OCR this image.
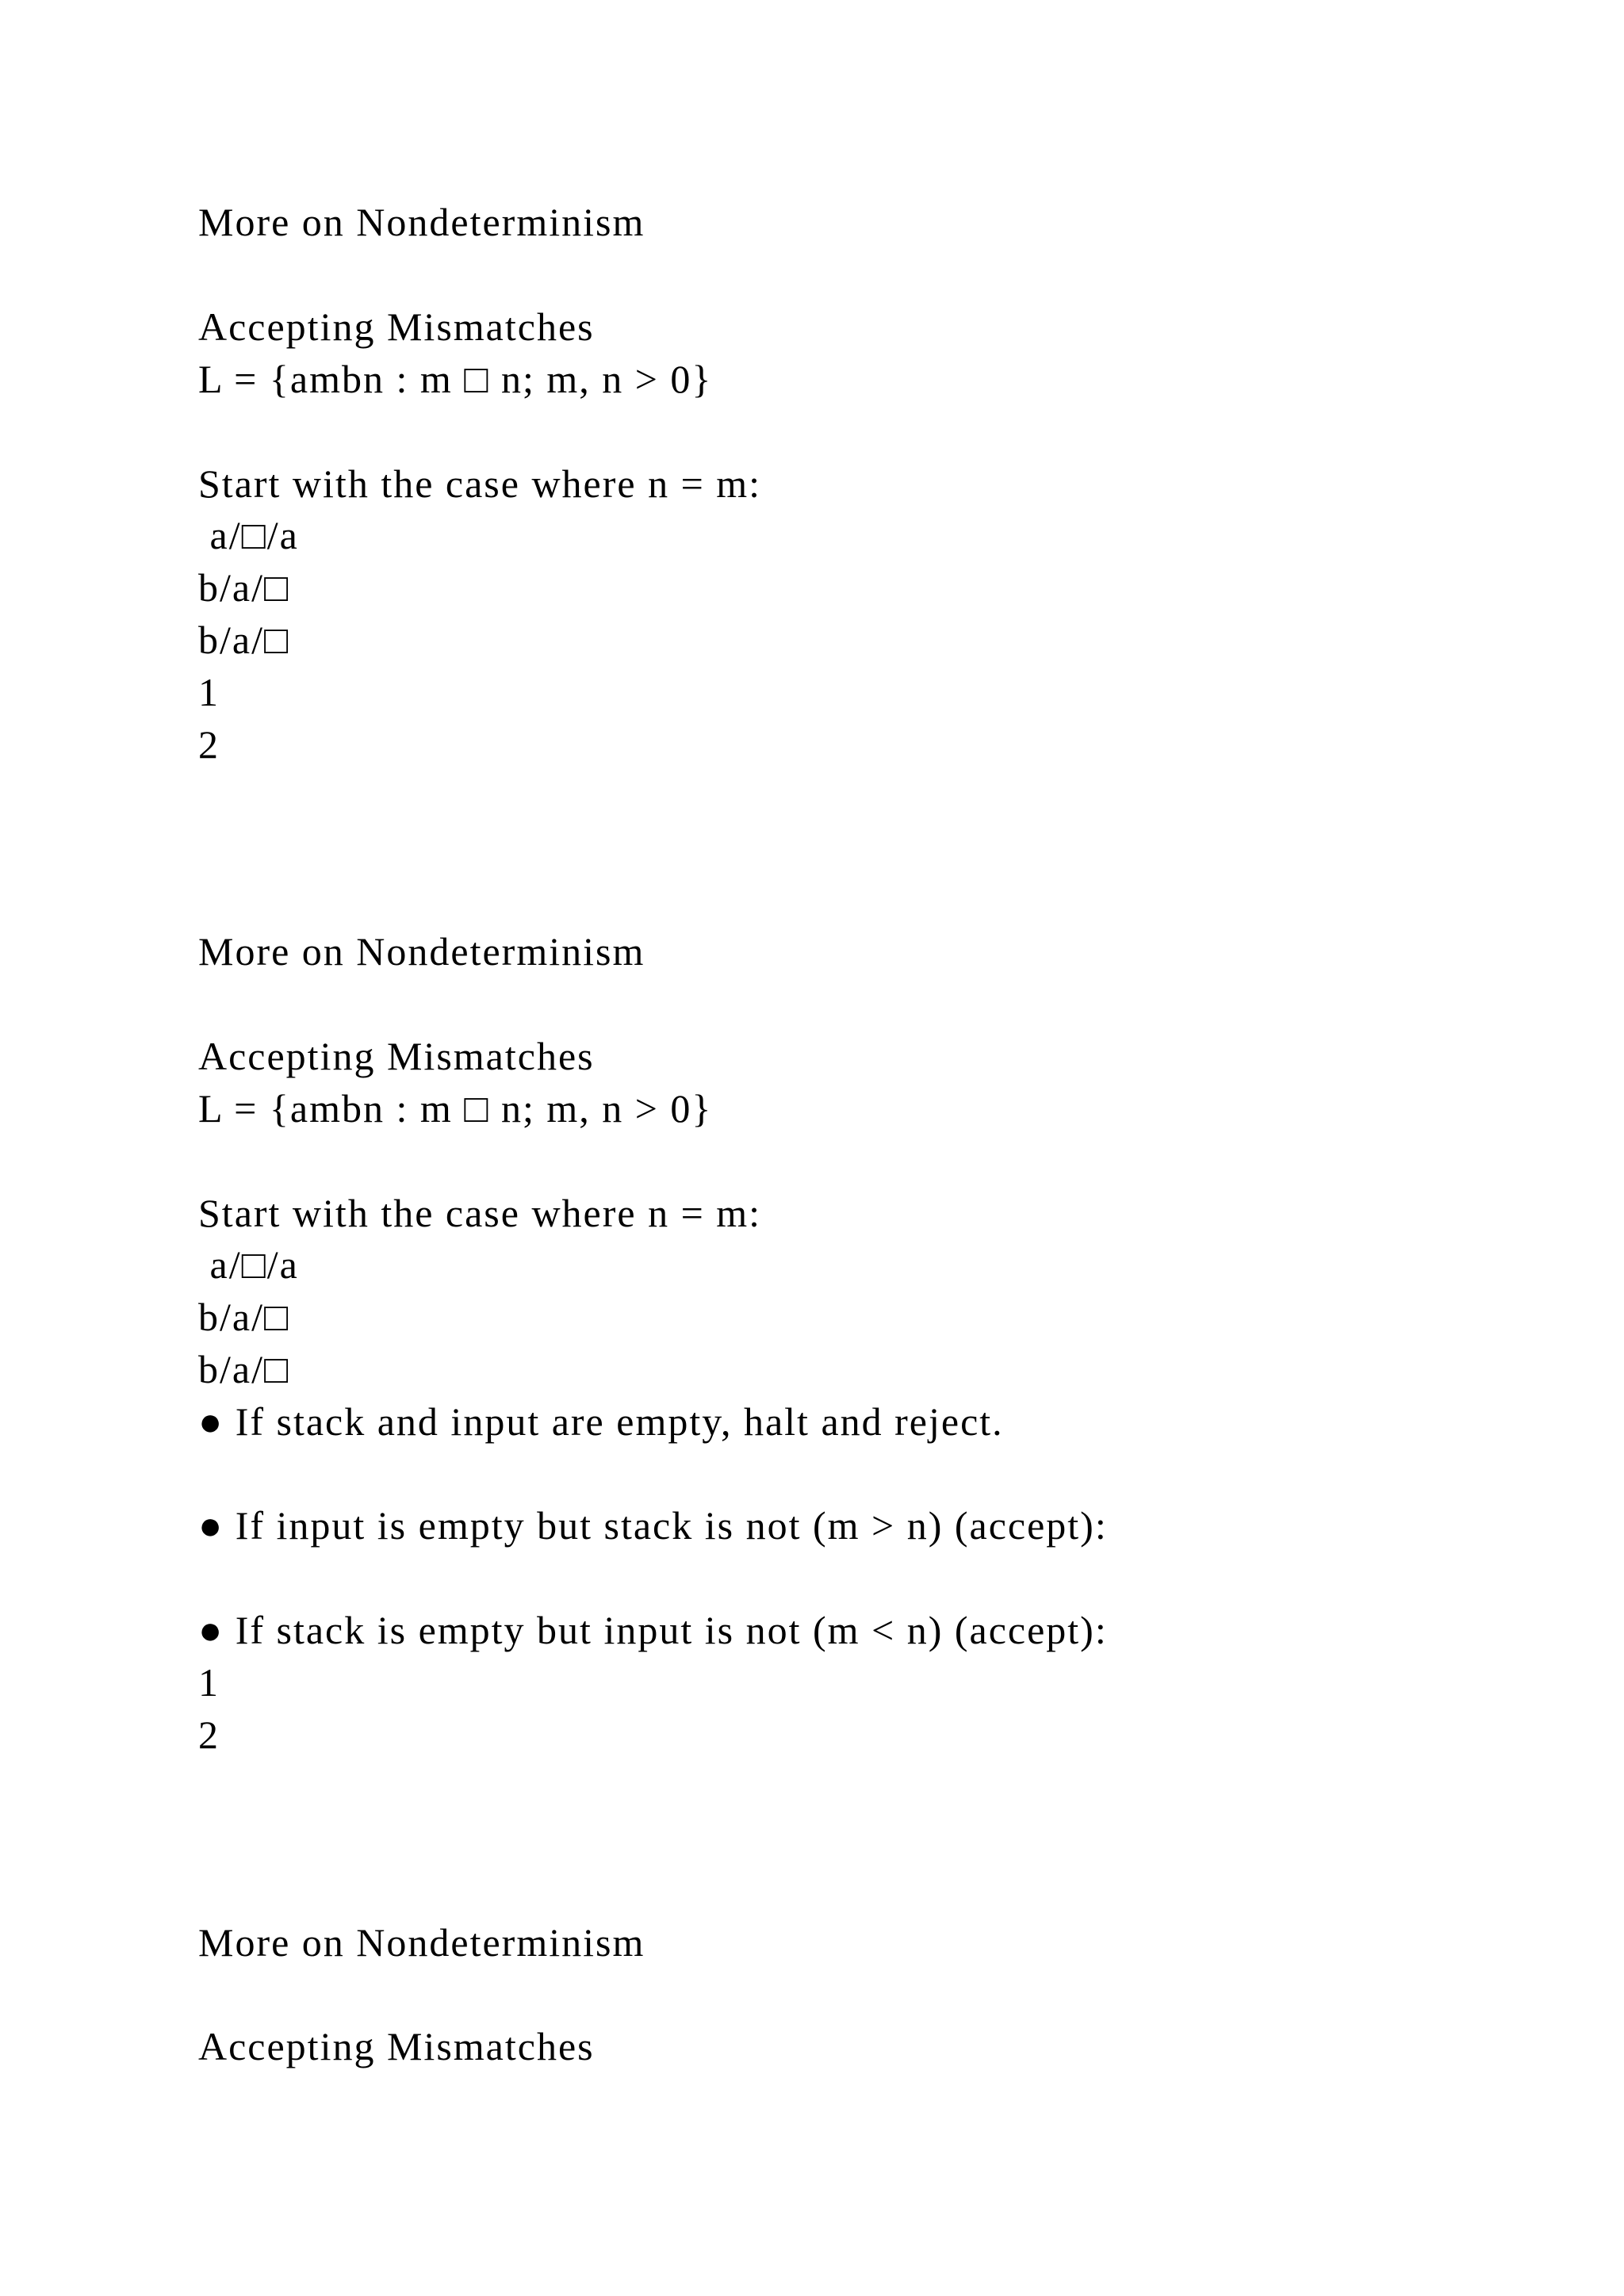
More on Nondeterminism
Accepting Mismatches
L = {ambn : m □ n; m, n > 0}
Start with the case where n = m:
a/□/a
b/a/□
b/a/□
1
2
More on Nondeterminism
Accepting Mismatches
L = {ambn : m □ n; m, n > 0}
Start with the case where n = m:
a/□/a
b/a/□
b/a/□
● If stack and input are empty, halt and reject.
● If input is empty but stack is not (m > n) (accept):
● If stack is empty but input is not (m < n) (accept):
1
2
More on Nondeterminism
Accepting Mismatches
